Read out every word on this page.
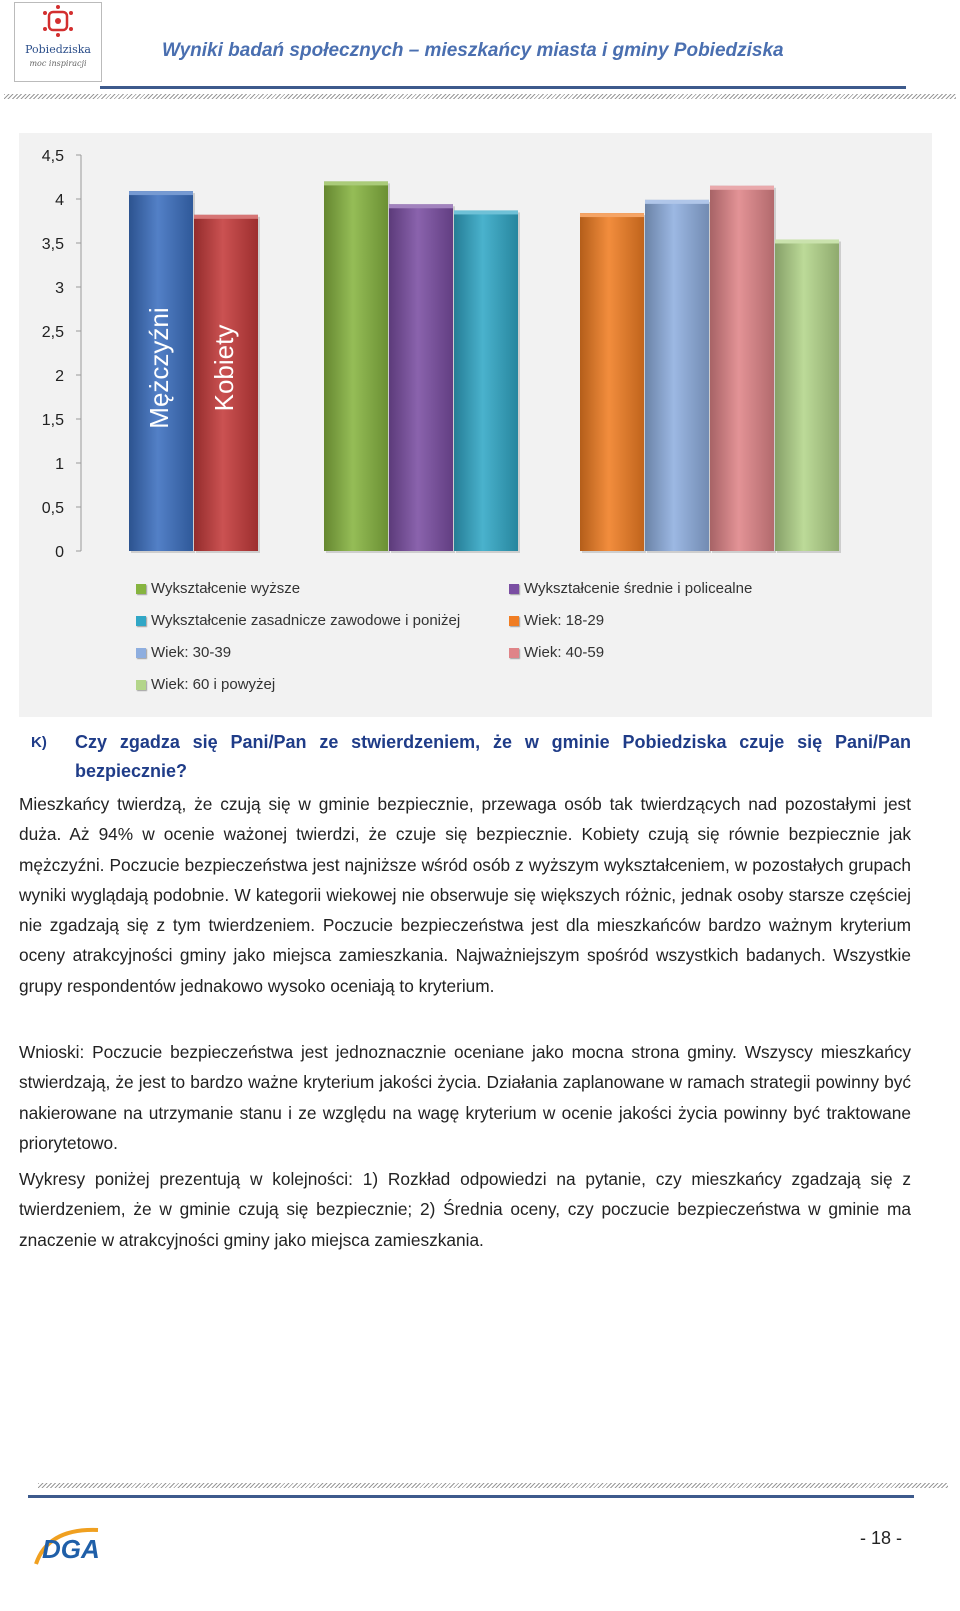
Pobiedziska
moc inspiracji
Wyniki badań społecznych – mieszkańcy miasta i gminy Pobiedziska
0
0,5
1
1,5
2
2,5
3
3,5
4
4,5
Mężczyźni Kobiety
Wykształcenie wyższe	Wykształcenie średnie i policealne
Wykształcenie zasadnicze zawodowe i poniżej	Wiek: 18-29
Wiek: 30-39	Wiek: 40-59
Wiek: 60 i powyżej
K) Czy zgadza się Pani/Pan ze stwierdzeniem, że w gminie Pobiedziska czuje się Pani/Pan bezpiecznie?
Mieszkańcy twierdzą, że czują się w gminie bezpiecznie, przewaga osób tak twierdzących nad pozostałymi jest duża. Aż 94% w ocenie ważonej twierdzi, że czuje się bezpiecznie. Kobiety czują się równie bezpiecznie jak mężczyźni. Poczucie bezpieczeństwa jest najniższe wśród osób z wyższym wykształceniem, w pozostałych grupach wyniki wyglądają podobnie. W kategorii wiekowej nie obserwuje się większych różnic, jednak osoby starsze częściej nie zgadzają się z tym twierdzeniem. Poczucie bezpieczeństwa jest dla mieszkańców bardzo ważnym kryterium oceny atrakcyjności gminy jako miejsca zamieszkania. Najważniejszym spośród wszystkich badanych. Wszystkie grupy respondentów jednakowo wysoko oceniają to kryterium.
Wnioski: Poczucie bezpieczeństwa jest jednoznacznie oceniane jako mocna strona gminy. Wszyscy mieszkańcy stwierdzają, że jest to bardzo ważne kryterium jakości życia. Działania zaplanowane w ramach strategii powinny być nakierowane na utrzymanie stanu i ze względu na wagę kryterium w ocenie jakości życia powinny być traktowane priorytetowo.
Wykresy poniżej prezentują w kolejności: 1) Rozkład odpowiedzi na pytanie, czy mieszkańcy zgadzają się z twierdzeniem, że w gminie czują się bezpiecznie; 2) Średnia oceny, czy poczucie bezpieczeństwa w gminie ma znaczenie w atrakcyjności gminy jako miejsca zamieszkania.
DGA	- 18 -
